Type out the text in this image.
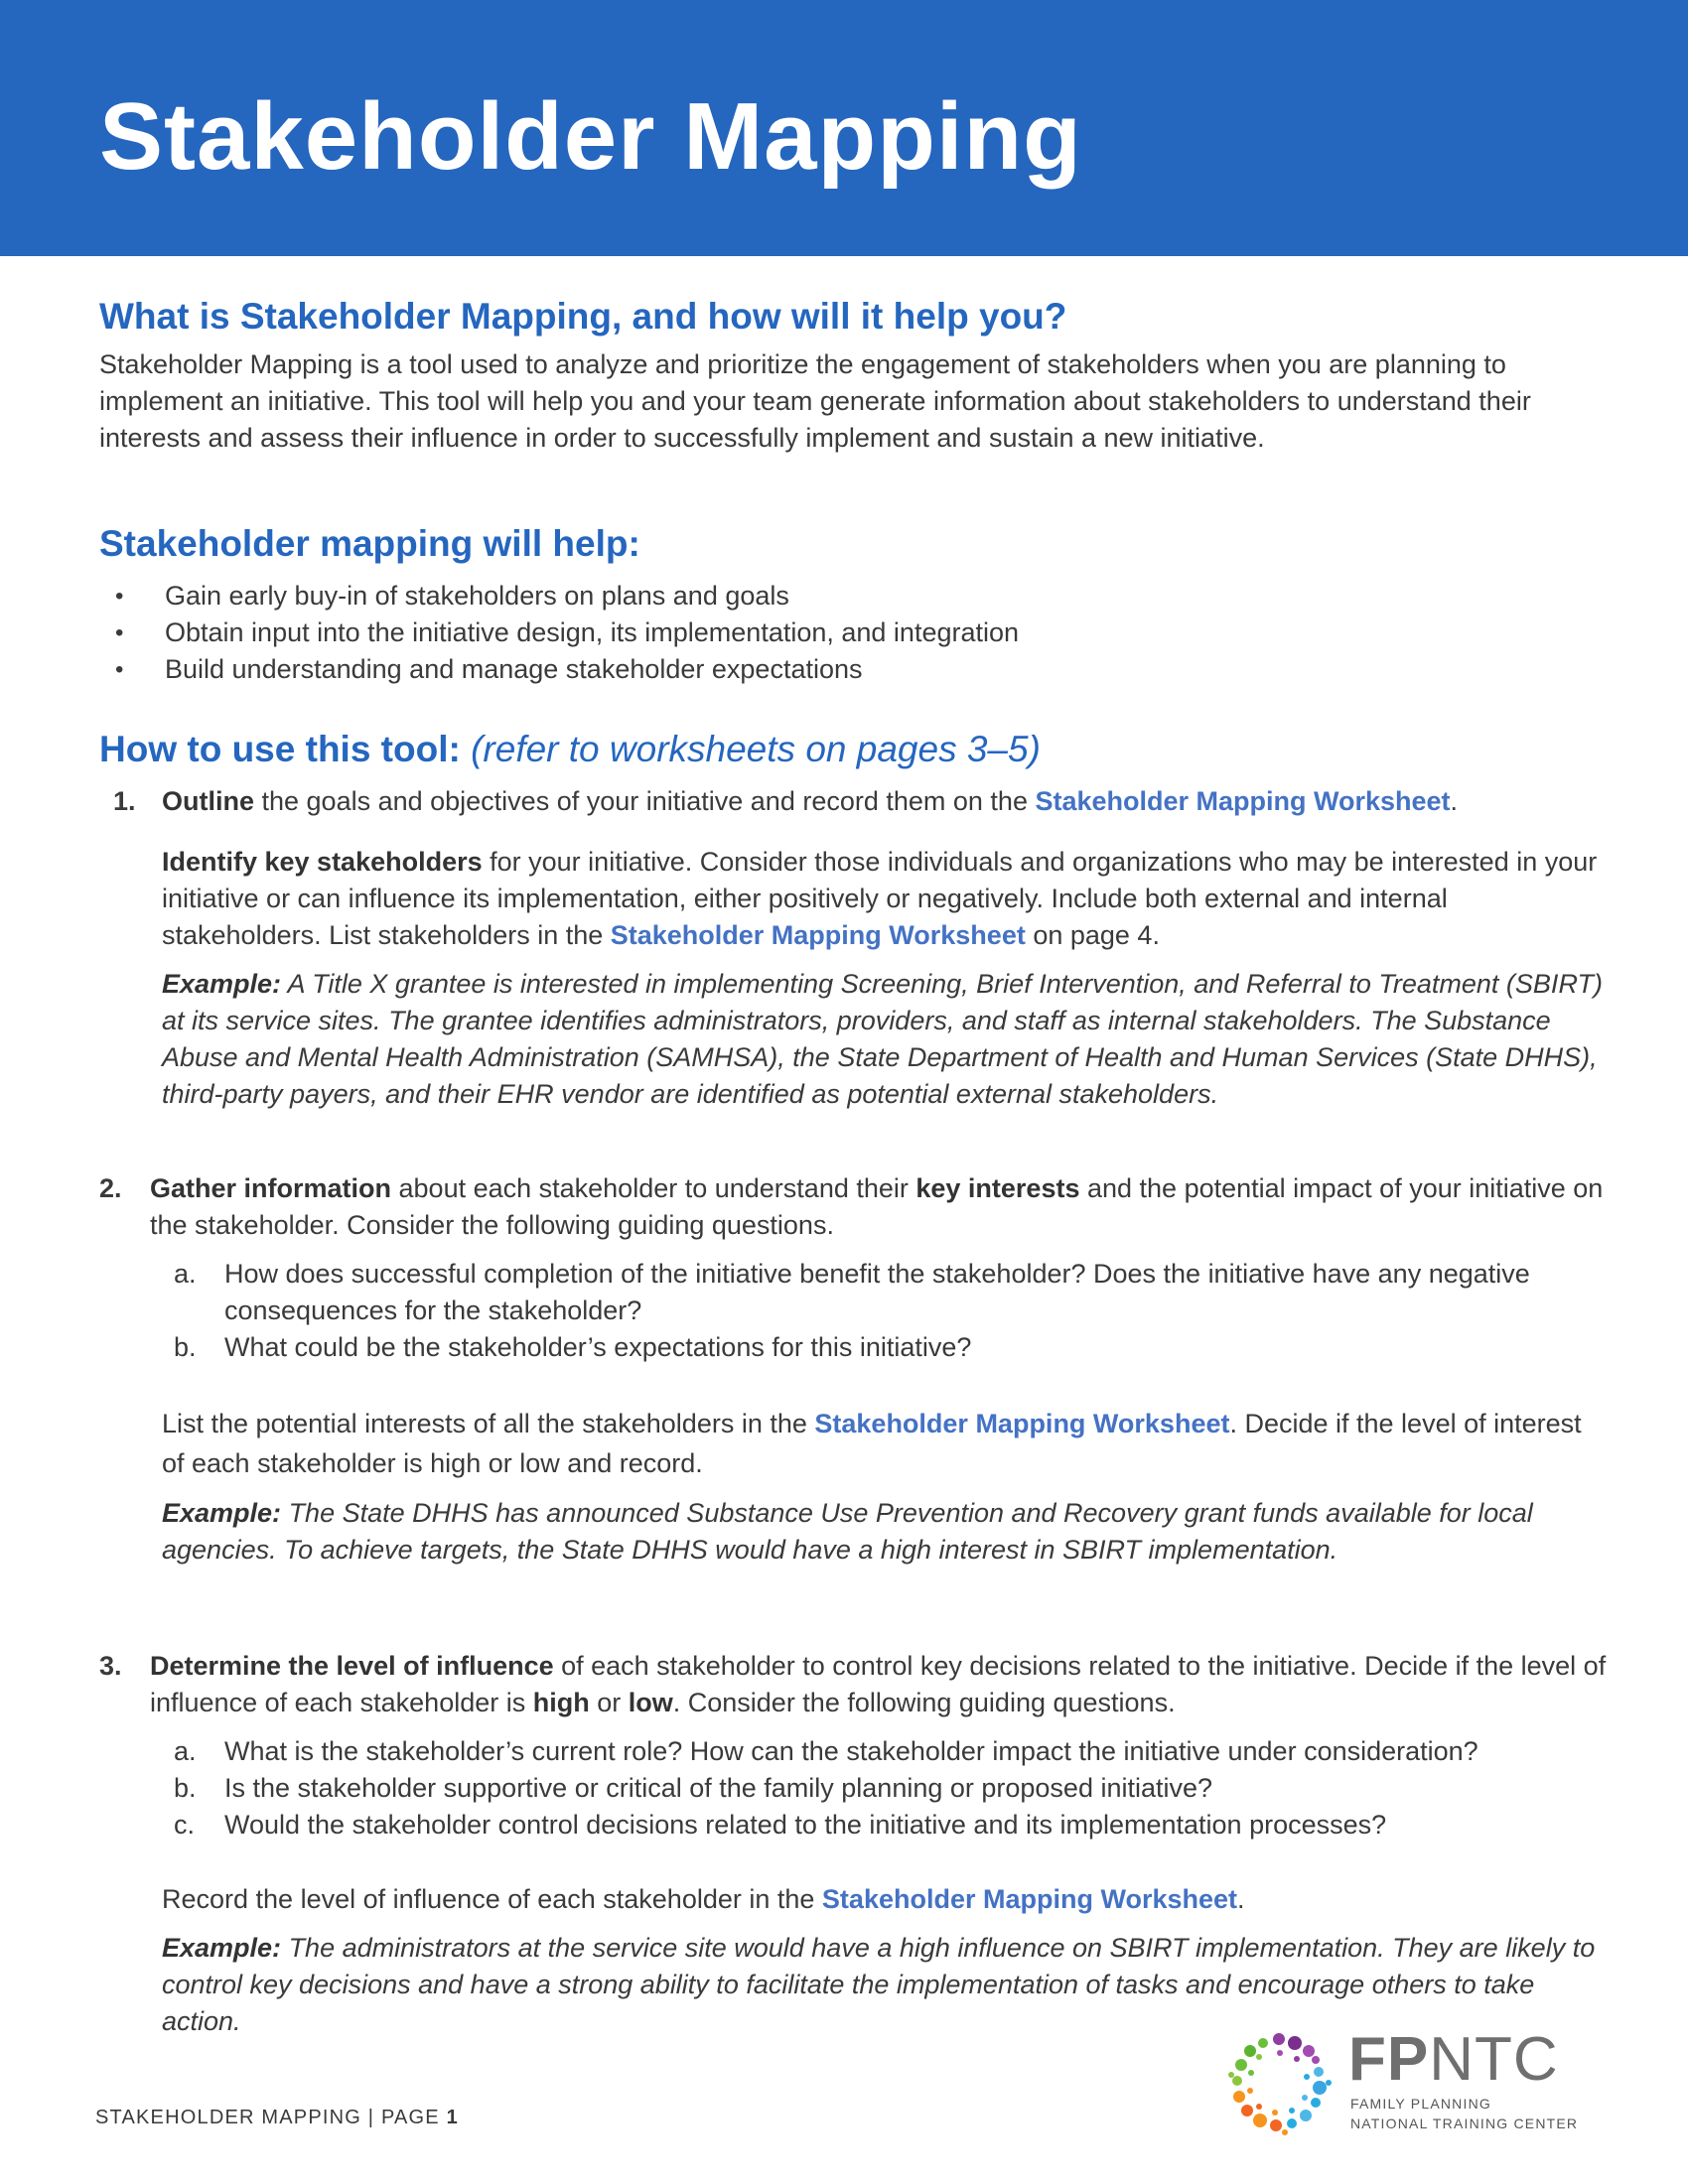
Stakeholder Mapping
What is Stakeholder Mapping, and how will it help you?

Stakeholder Mapping is a tool used to analyze and prioritize the engagement of stakeholders when you are planning to implement an initiative. This tool will help you and your team generate information about stakeholders to understand their interests and assess their influence in order to successfully implement and sustain a new initiative.

Stakeholder mapping will help:
• Gain early buy-in of stakeholders on plans and goals
• Obtain input into the initiative design, its implementation, and integration
• Build understanding and manage stakeholder expectations
How to use this tool: (refer to worksheets on pages 3–5)
1. Outline the goals and objectives of your initiative and record them on the Stakeholder Mapping Worksheet.

Identify key stakeholders for your initiative. Consider those individuals and organizations who may be interested in your initiative or can influence its implementation, either positively or negatively. Include both external and internal stakeholders. List stakeholders in the Stakeholder Mapping Worksheet on page 4.

Example: A Title X grantee is interested in implementing Screening, Brief Intervention, and Referral to Treatment (SBIRT) at its service sites. The grantee identifies administrators, providers, and staff as internal stakeholders. The Substance Abuse and Mental Health Administration (SAMHSA), the State Department of Health and Human Services (State DHHS), third-party payers, and their EHR vendor are identified as potential external stakeholders.

2. Gather information about each stakeholder to understand their key interests and the potential impact of your initiative on the stakeholder. Consider the following guiding questions.

a. How does successful completion of the initiative benefit the stakeholder? Does the initiative have any negative consequences for the stakeholder?
b. What could be the stakeholder’s expectations for this initiative?

List the potential interests of all the stakeholders in the Stakeholder Mapping Worksheet. Decide if the level of interest of each stakeholder is high or low and record.

Example: The State DHHS has announced Substance Use Prevention and Recovery grant funds available for local agencies. To achieve targets, the State DHHS would have a high interest in SBIRT implementation.

3. Determine the level of influence of each stakeholder to control key decisions related to the initiative. Decide if the level of influence of each stakeholder is high or low. Consider the following guiding questions.

a. What is the stakeholder’s current role? How can the stakeholder impact the initiative under consideration?
b. Is the stakeholder supportive or critical of the family planning or proposed initiative?
c. Would the stakeholder control decisions related to the initiative and its implementation processes?

Record the level of influence of each stakeholder in the Stakeholder Mapping Worksheet.

Example: The administrators at the service site would have a high influence on SBIRT implementation. They are likely to control key decisions and have a strong ability to facilitate the implementation of tasks and encourage others to take action.

STAKEHOLDER MAPPING | PAGE 1
FPNTC
FAMILY PLANNING
NATIONAL TRAINING CENTER
